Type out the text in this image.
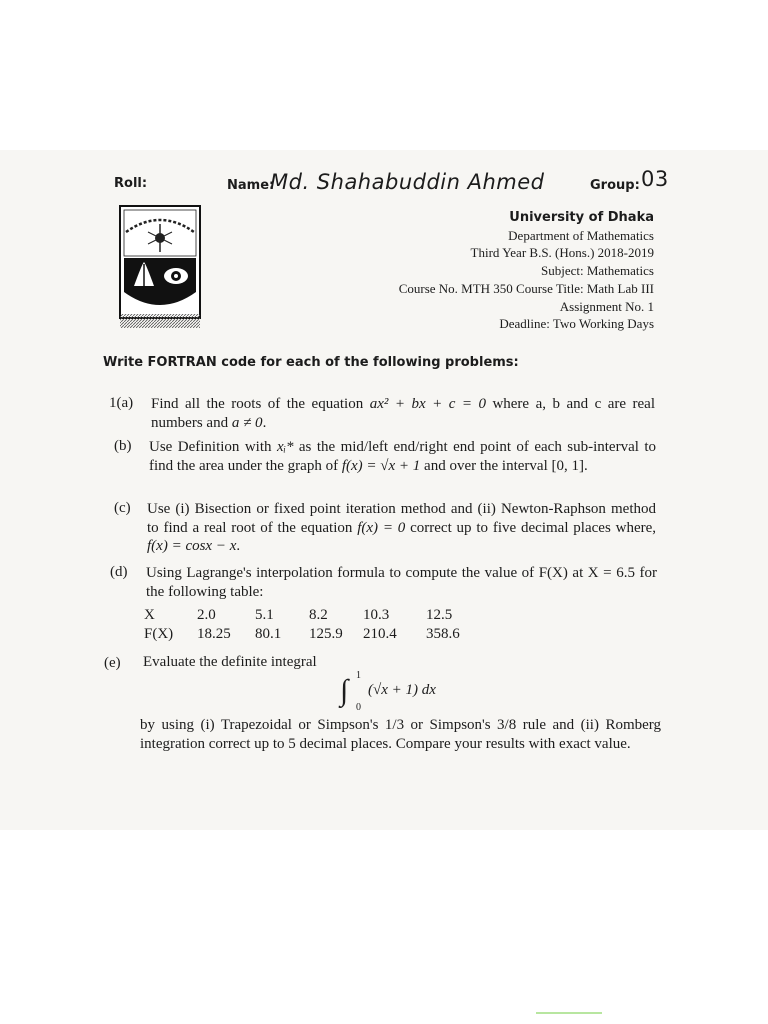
Roll:	Name:
Md. Shahabuddin Ahmed	Group: 03
University of Dhaka
Department of Mathematics
Third Year B.S. (Hons.) 2018-2019
Subject: Mathematics
Course No. MTH 350 Course Title: Math Lab III
Assignment No. 1
Deadline: Two Working Days
Write FORTRAN code for each of the following problems:
1(a) Find all the roots of the equation ax² + bx + c = 0 where a, b and c are real numbers and a ≠ 0.
(b) Use Definition with xᵢ* as the mid/left end/right end point of each sub-interval to find the area under the graph of f(x) = √x + 1 and over the interval [0, 1].
(c) Use (i) Bisection or fixed point iteration method and (ii) Newton-Raphson method to find a real root of the equation f(x) = 0 correct up to five decimal places where, f(x) = cosx − x.
(d) Using Lagrange's interpolation formula to compute the value of F(X) at X = 6.5 for the following table:
X	2.0	5.1	8.2	10.3	12.5
F(X)	18.25	80.1	125.9	210.4	358.6
(e) Evaluate the definite integral
∫ 1
0
(√x + 1) dx
by using (i) Trapezoidal or Simpson's 1/3 or Simpson's 3/8 rule and (ii) Romberg integration correct up to 5 decimal places. Compare your results with exact value.
